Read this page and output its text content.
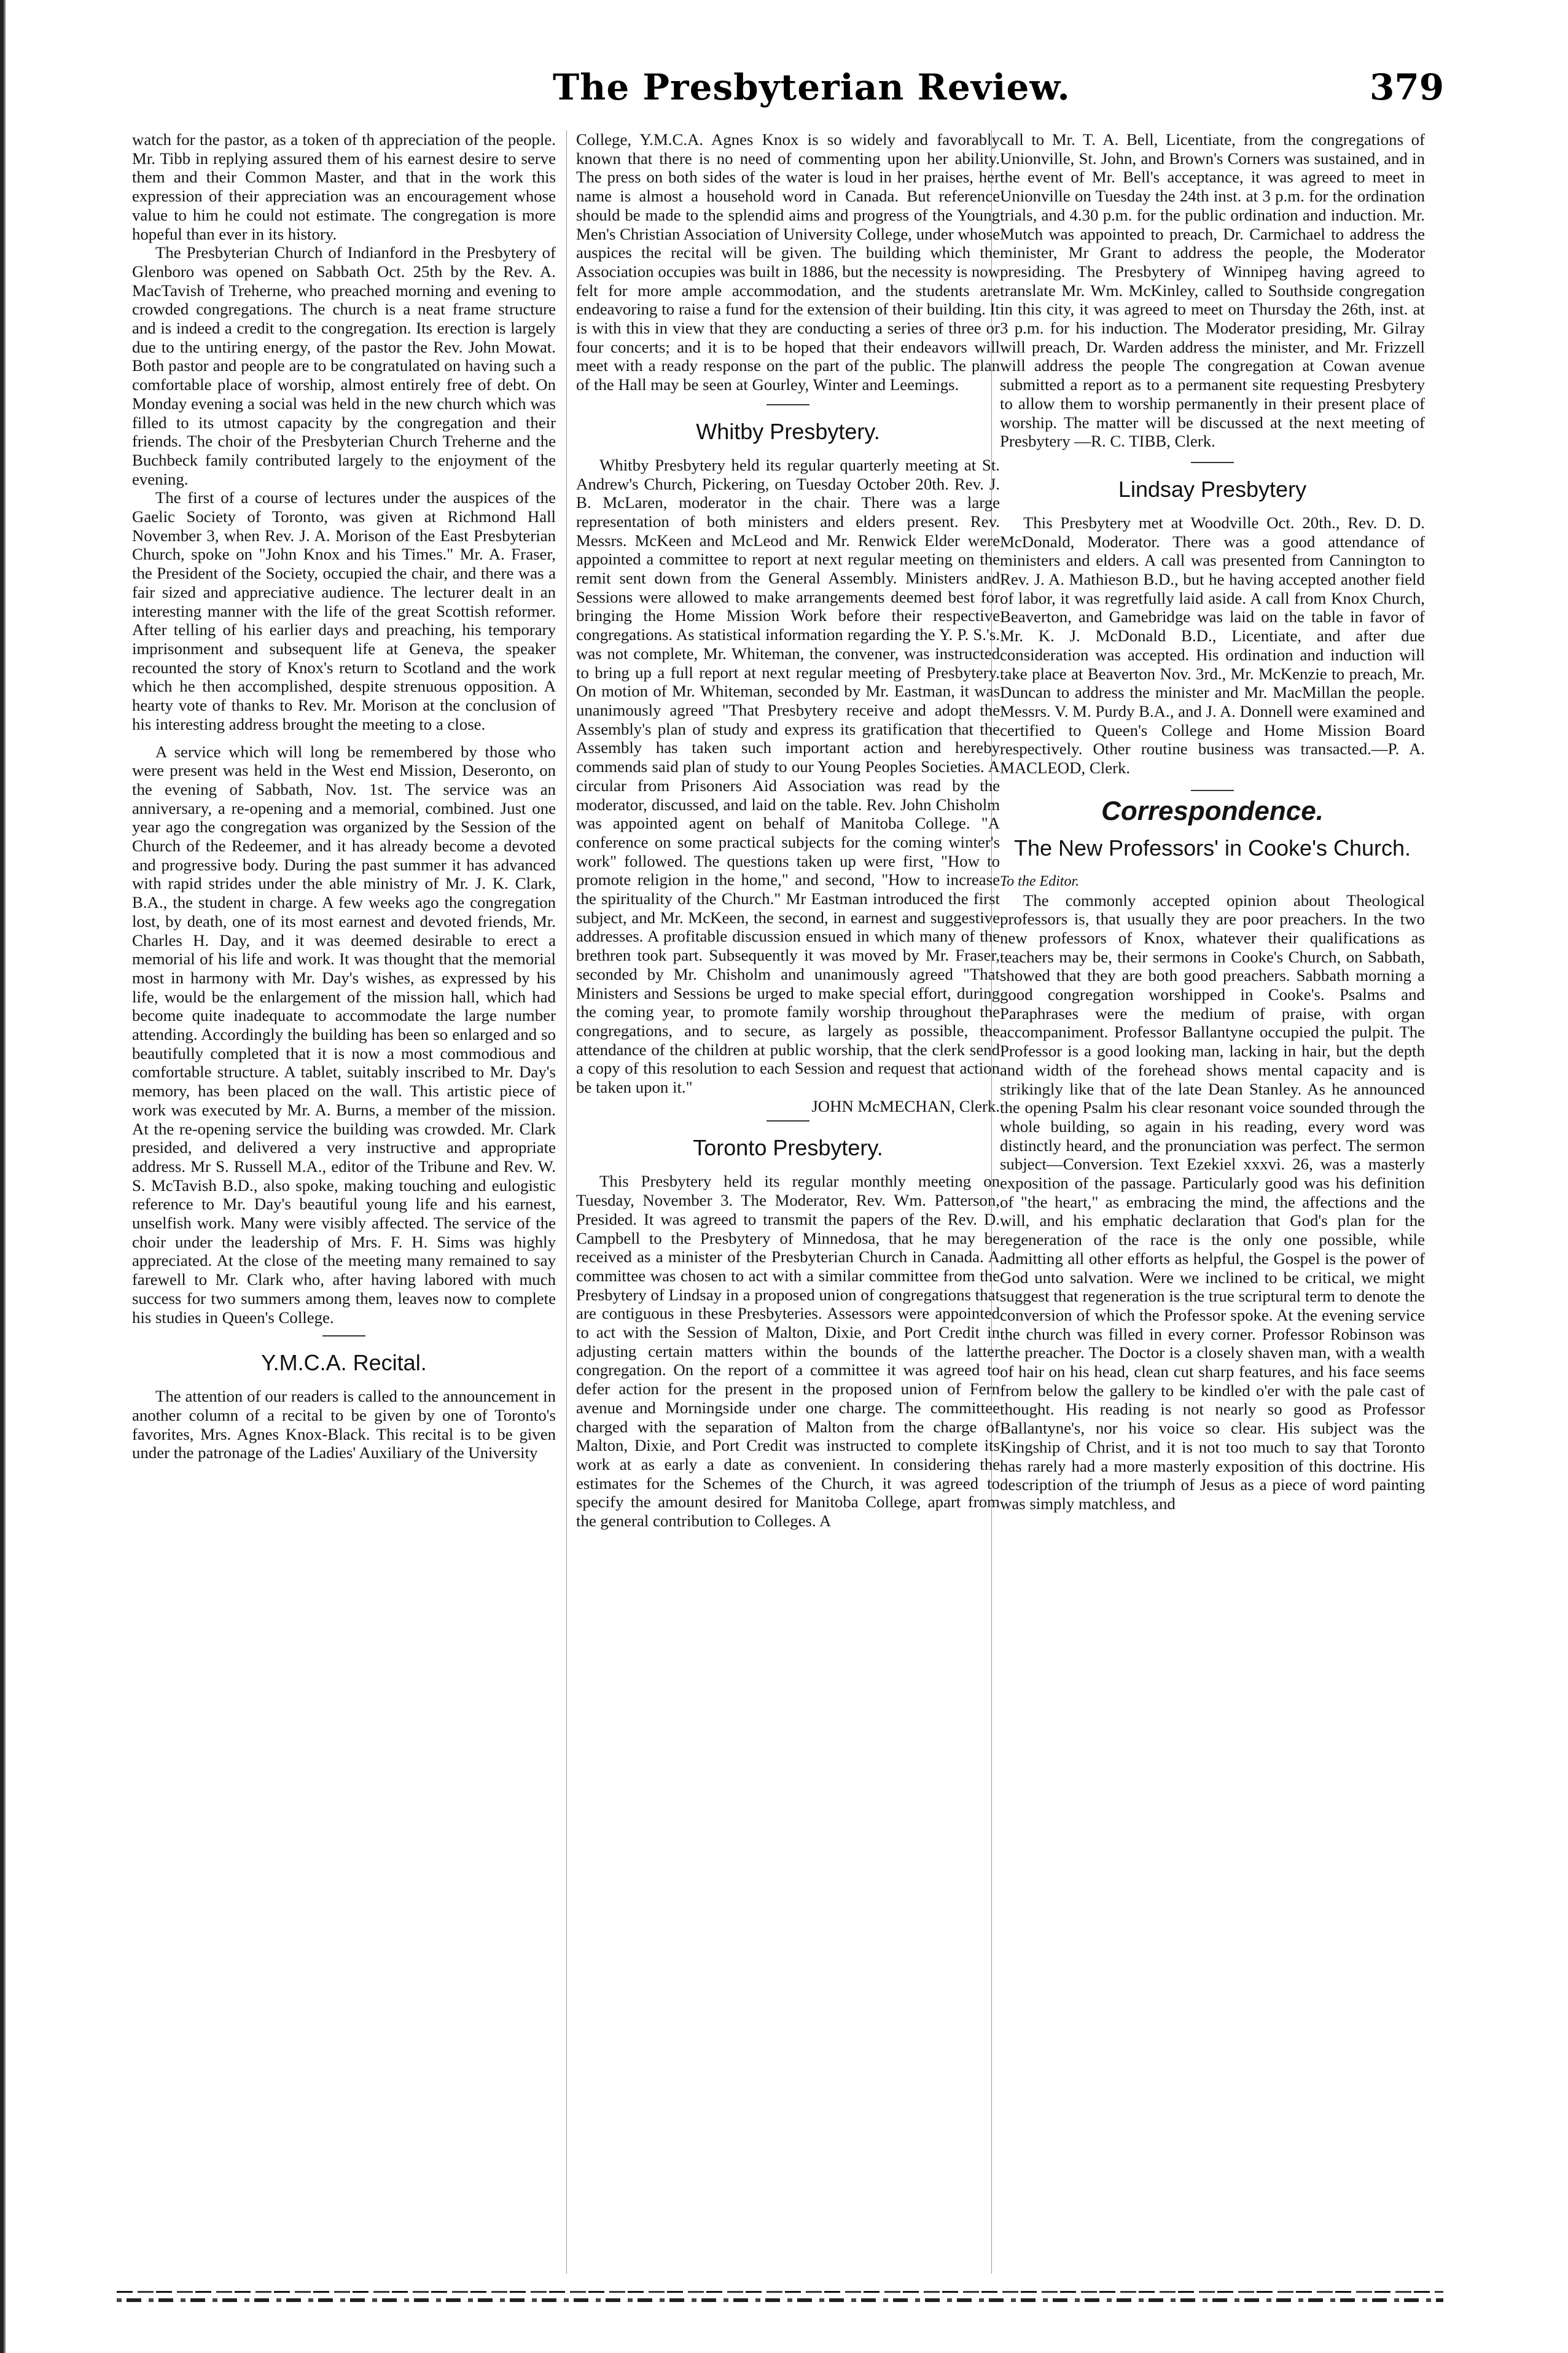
The Presbyterian Review.	379

watch for the pastor, as a token of th appreciation of the people. Mr. Tibb in replying assured them of his earnest desire to serve them and their Common Master, and that in the work this expression of their appreciation was an encouragement whose value to him he could not estimate. The congregation is more hopeful than ever in its history.

The Presbyterian Church of Indianford in the Presbytery of Glenboro was opened on Sabbath Oct. 25th by the Rev. A. MacTavish of Treherne, who preached morning and evening to crowded congregations. The church is a neat frame structure and is indeed a credit to the congregation. Its erection is largely due to the untiring energy, of the pastor the Rev. John Mowat. Both pastor and people are to be congratulated on having such a comfortable place of worship, almost entirely free of debt. On Monday evening a social was held in the new church which was filled to its utmost capacity by the congregation and their friends. The choir of the Presbyterian Church Treherne and the Buchbeck family contributed largely to the enjoyment of the evening.

The first of a course of lectures under the auspices of the Gaelic Society of Toronto, was given at Richmond Hall November 3, when Rev. J. A. Morison of the East Presbyterian Church, spoke on "John Knox and his Times." Mr. A. Fraser, the President of the Society, occupied the chair, and there was a fair sized and appreciative audience. The lecturer dealt in an interesting manner with the life of the great Scottish reformer. After telling of his earlier days and preaching, his temporary imprisonment and subsequent life at Geneva, the speaker recounted the story of Knox's return to Scotland and the work which he then accomplished, despite strenuous opposition. A hearty vote of thanks to Rev. Mr. Morison at the conclusion of his interesting address brought the meeting to a close.

A service which will long be remembered by those who were present was held in the West end Mission, Deseronto, on the evening of Sabbath, Nov. 1st. The service was an anniversary, a re-opening and a memorial, combined. Just one year ago the congregation was organized by the Session of the Church of the Redeemer, and it has already become a devoted and progressive body. During the past summer it has advanced with rapid strides under the able ministry of Mr. J. K. Clark, B.A., the student in charge. A few weeks ago the congregation lost, by death, one of its most earnest and devoted friends, Mr. Charles H. Day, and it was deemed desirable to erect a memorial of his life and work. It was thought that the memorial most in harmony with Mr. Day's wishes, as expressed by his life, would be the enlargement of the mission hall, which had become quite inadequate to accommodate the large number attending. Accordingly the building has been so enlarged and so beautifully completed that it is now a most commodious and comfortable structure. A tablet, suitably inscribed to Mr. Day's memory, has been placed on the wall. This artistic piece of work was executed by Mr. A. Burns, a member of the mission. At the re-opening service the building was crowded. Mr. Clark presided, and delivered a very instructive and appropriate address. Mr S. Russell M.A., editor of the Tribune and Rev. W. S. McTavish B.D., also spoke, making touching and eulogistic reference to Mr. Day's beautiful young life and his earnest, unselfish work. Many were visibly affected. The service of the choir under the leadership of Mrs. F. H. Sims was highly appreciated. At the close of the meeting many remained to say farewell to Mr. Clark who, after having labored with much success for two summers among them, leaves now to complete his studies in Queen's College.

Y.M.C.A. Recital.

The attention of our readers is called to the announcement in another column of a recital to be given by one of Toronto's favorites, Mrs. Agnes Knox-Black. This recital is to be given under the patronage of the Ladies' Auxiliary of the University

College, Y.M.C.A. Agnes Knox is so widely and favorably known that there is no need of commenting upon her ability. The press on both sides of the water is loud in her praises, her name is almost a household word in Canada. But reference should be made to the splendid aims and progress of the Young Men's Christian Association of University College, under whose auspices the recital will be given. The building which the Association occupies was built in 1886, but the necessity is now felt for more ample accommodation, and the students are endeavoring to raise a fund for the extension of their building. It is with this in view that they are conducting a series of three or four concerts; and it is to be hoped that their endeavors will meet with a ready response on the part of the public. The plan of the Hall may be seen at Gourley, Winter and Leemings.

Whitby Presbytery.

Whitby Presbytery held its regular quarterly meeting at St. Andrew's Church, Pickering, on Tuesday October 20th. Rev. J. B. McLaren, moderator in the chair. There was a large representation of both ministers and elders present. Rev. Messrs. McKeen and McLeod and Mr. Renwick Elder were appointed a committee to report at next regular meeting on the remit sent down from the General Assembly. Ministers and Sessions were allowed to make arrangements deemed best for bringing the Home Mission Work before their respective congregations. As statistical information regarding the Y. P. S.'s. was not complete, Mr. Whiteman, the convener, was instructed to bring up a full report at next regular meeting of Presbytery. On motion of Mr. Whiteman, seconded by Mr. Eastman, it was unanimously agreed "That Presbytery receive and adopt the Assembly's plan of study and express its gratification that the Assembly has taken such important action and hereby commends said plan of study to our Young Peoples Societies. A circular from Prisoners Aid Association was read by the moderator, discussed, and laid on the table. Rev. John Chisholm was appointed agent on behalf of Manitoba College. "A conference on some practical subjects for the coming winter's work" followed. The questions taken up were first, "How to promote religion in the home," and second, "How to increase the spirituality of the Church." Mr Eastman introduced the first subject, and Mr. McKeen, the second, in earnest and suggestive addresses. A profitable discussion ensued in which many of the brethren took part. Subsequently it was moved by Mr. Fraser, seconded by Mr. Chisholm and unanimously agreed "That Ministers and Sessions be urged to make special effort, during the coming year, to promote family worship throughout the congregations, and to secure, as largely as possible, the attendance of the children at public worship, that the clerk send a copy of this resolution to each Session and request that action be taken upon it."

JOHN McMECHAN, Clerk.

Toronto Presbytery.

This Presbytery held its regular monthly meeting on Tuesday, November 3. The Moderator, Rev. Wm. Patterson, Presided. It was agreed to transmit the papers of the Rev. D. Campbell to the Presbytery of Minnedosa, that he may be received as a minister of the Presbyterian Church in Canada. A committee was chosen to act with a similar committee from the Presbytery of Lindsay in a proposed union of congregations that are contiguous in these Presbyteries. Assessors were appointed to act with the Session of Malton, Dixie, and Port Credit in adjusting certain matters within the bounds of the latter congregation. On the report of a committee it was agreed to defer action for the present in the proposed union of Fern avenue and Morningside under one charge. The committee charged with the separation of Malton from the charge of Malton, Dixie, and Port Credit was instructed to complete its work at as early a date as convenient. In considering the estimates for the Schemes of the Church, it was agreed to specify the amount desired for Manitoba College, apart from the general contribution to Colleges. A

call to Mr. T. A. Bell, Licentiate, from the congregations of Unionville, St. John, and Brown's Corners was sustained, and in the event of Mr. Bell's acceptance, it was agreed to meet in Unionville on Tuesday the 24th inst. at 3 p.m. for the ordination trials, and 4.30 p.m. for the public ordination and induction. Mr. Mutch was appointed to preach, Dr. Carmichael to address the minister, Mr Grant to address the people, the Moderator presiding. The Presbytery of Winnipeg having agreed to translate Mr. Wm. McKinley, called to Southside congregation in this city, it was agreed to meet on Thursday the 26th, inst. at 3 p.m. for his induction. The Moderator presiding, Mr. Gilray will preach, Dr. Warden address the minister, and Mr. Frizzell will address the people The congregation at Cowan avenue submitted a report as to a permanent site requesting Presbytery to allow them to worship permanently in their present place of worship. The matter will be discussed at the next meeting of Presbytery —R. C. TIBB, Clerk.

Lindsay Presbytery

This Presbytery met at Woodville Oct. 20th., Rev. D. D. McDonald, Moderator. There was a good attendance of ministers and elders. A call was presented from Cannington to Rev. J. A. Mathieson B.D., but he having accepted another field of labor, it was regretfully laid aside. A call from Knox Church, Beaverton, and Gamebridge was laid on the table in favor of Mr. K. J. McDonald B.D., Licentiate, and after due consideration was accepted. His ordination and induction will take place at Beaverton Nov. 3rd., Mr. McKenzie to preach, Mr. Duncan to address the minister and Mr. MacMillan the people. Messrs. V. M. Purdy B.A., and J. A. Donnell were examined and certified to Queen's College and Home Mission Board respectively. Other routine business was transacted.—P. A. MACLEOD, Clerk.

Correspondence.
The New Professors' in Cooke's Church.

To the Editor.

The commonly accepted opinion about Theological professors is, that usually they are poor preachers. In the two new professors of Knox, whatever their qualifications as teachers may be, their sermons in Cooke's Church, on Sabbath, showed that they are both good preachers. Sabbath morning a good congregation worshipped in Cooke's. Psalms and Paraphrases were the medium of praise, with organ accompaniment. Professor Ballantyne occupied the pulpit. The Professor is a good looking man, lacking in hair, but the depth and width of the forehead shows mental capacity and is strikingly like that of the late Dean Stanley. As he announced the opening Psalm his clear resonant voice sounded through the whole building, so again in his reading, every word was distinctly heard, and the pronunciation was perfect. The sermon subject—Conversion. Text Ezekiel xxxvi. 26, was a masterly exposition of the passage. Particularly good was his definition of "the heart," as embracing the mind, the affections and the will, and his emphatic declaration that God's plan for the regeneration of the race is the only one possible, while admitting all other efforts as helpful, the Gospel is the power of God unto salvation. Were we inclined to be critical, we might suggest that regeneration is the true scriptural term to denote the conversion of which the Professor spoke. At the evening service the church was filled in every corner. Professor Robinson was the preacher. The Doctor is a closely shaven man, with a wealth of hair on his head, clean cut sharp features, and his face seems from below the gallery to be kindled o'er with the pale cast of thought. His reading is not nearly so good as Professor Ballantyne's, nor his voice so clear. His subject was the Kingship of Christ, and it is not too much to say that Toronto has rarely had a more masterly exposition of this doctrine. His description of the triumph of Jesus as a piece of word painting was simply matchless, and
